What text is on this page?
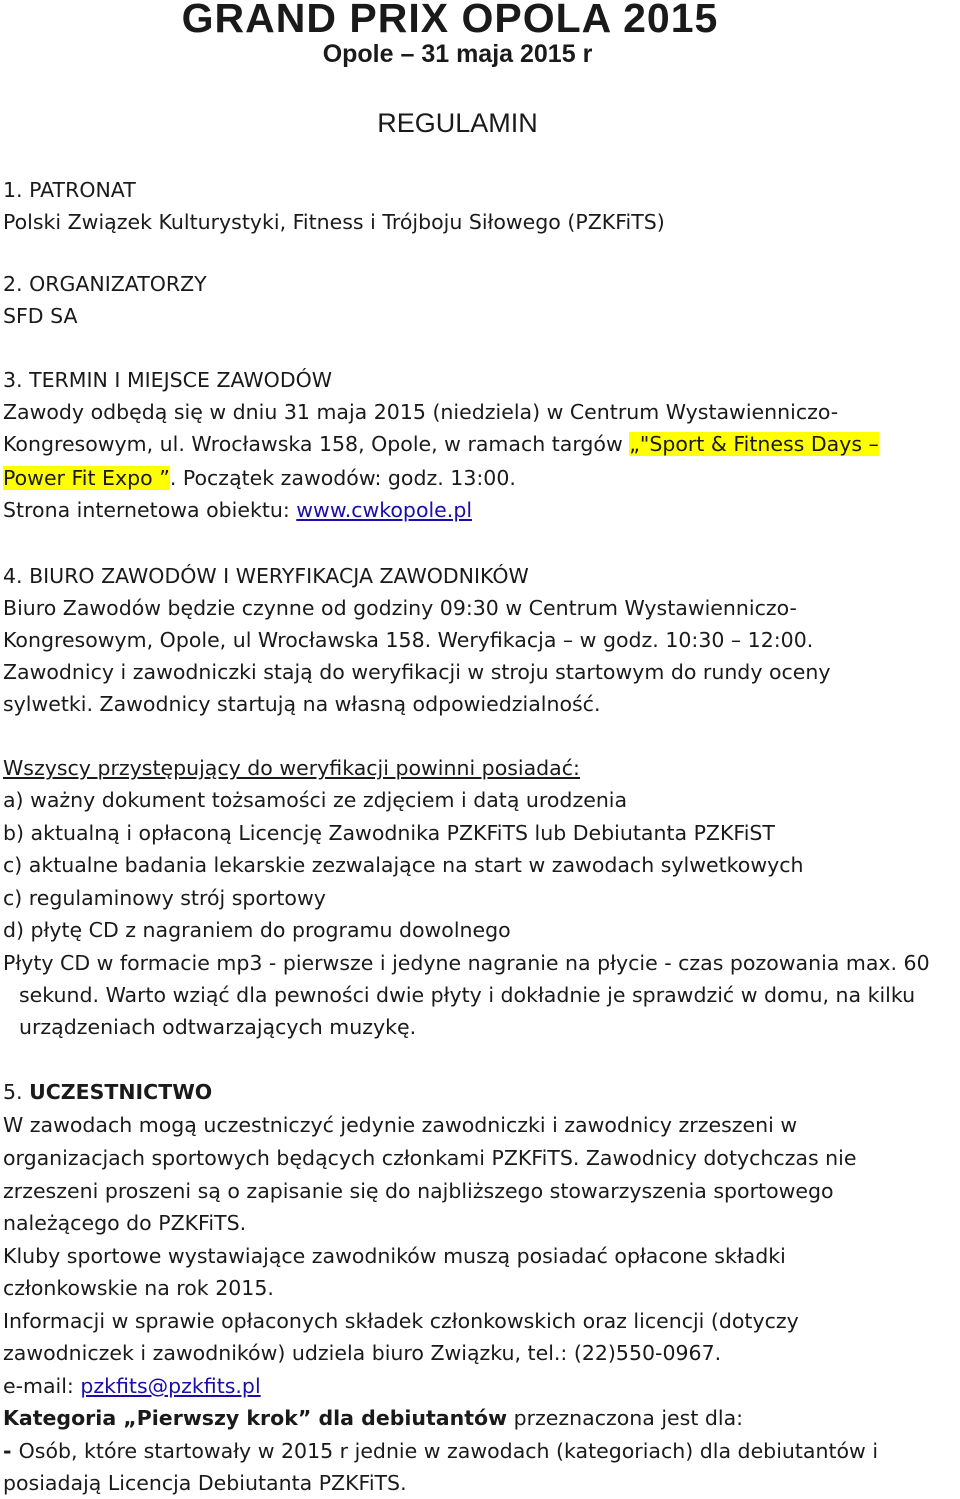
GRAND PRIX OPOLA 2015
Opole – 31 maja 2015 r
REGULAMIN
1. PATRONAT
Polski Związek Kulturystyki, Fitness i Trójboju Siłowego (PZKFiTS)
2. ORGANIZATORZY
SFD SA
3. TERMIN I MIEJSCE ZAWODÓW
Zawody odbędą się w dniu 31 maja 2015 (niedziela) w Centrum Wystawienniczo-
Kongresowym, ul. Wrocławska 158, Opole, w ramach targów „"Sport & Fitness Days –
Power Fit Expo ”. Początek zawodów: godz. 13:00.
Strona internetowa obiektu: www.cwkopole.pl
4. BIURO ZAWODÓW I WERYFIKACJA ZAWODNIKÓW
Biuro Zawodów będzie czynne od godziny 09:30 w Centrum Wystawienniczo-
Kongresowym, Opole, ul Wrocławska 158. Weryfikacja – w godz. 10:30 – 12:00.
Zawodnicy i zawodniczki stają do weryfikacji w stroju startowym do rundy oceny
sylwetki. Zawodnicy startują na własną odpowiedzialność.
Wszyscy przystępujący do weryfikacji powinni posiadać:
a) ważny dokument tożsamości ze zdjęciem i datą urodzenia
b) aktualną i opłaconą Licencję Zawodnika PZKFiTS lub Debiutanta PZKFiST
c) aktualne badania lekarskie zezwalające na start w zawodach sylwetkowych
c) regulaminowy strój sportowy
d) płytę CD z nagraniem do programu dowolnego
Płyty CD w formacie mp3 - pierwsze i jedyne nagranie na płycie - czas pozowania max. 60
sekund. Warto wziąć dla pewności dwie płyty i dokładnie je sprawdzić w domu, na kilku
urządzeniach odtwarzających muzykę.
5. UCZESTNICTWO
W zawodach mogą uczestniczyć jedynie zawodniczki i zawodnicy zrzeszeni w
organizacjach sportowych będących członkami PZKFiTS. Zawodnicy dotychczas nie
zrzeszeni proszeni są o zapisanie się do najbliższego stowarzyszenia sportowego
należącego do PZKFiTS.
Kluby sportowe wystawiające zawodników muszą posiadać opłacone składki
członkowskie na rok 2015.
Informacji w sprawie opłaconych składek członkowskich oraz licencji (dotyczy
zawodniczek i zawodników) udziela biuro Związku, tel.: (22)550-0967.
e-mail: pzkfits@pzkfits.pl
Kategoria „Pierwszy krok” dla debiutantów przeznaczona jest dla:
- Osób, które startowały w 2015 r jednie w zawodach (kategoriach) dla debiutantów i
posiadają Licencja Debiutanta PZKFiTS.
